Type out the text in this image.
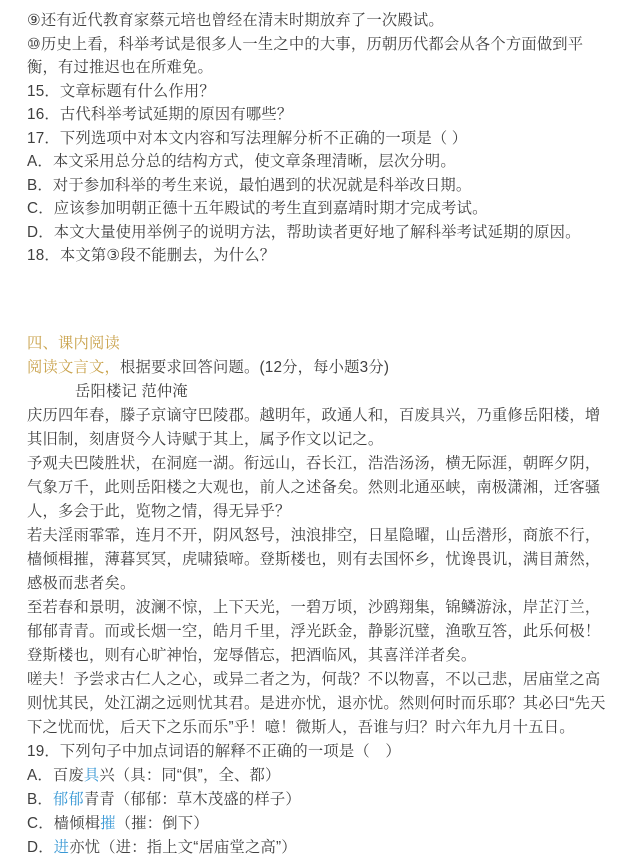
⑨还有近代教育家蔡元培也曾经在清末时期放弃了一次殿试。
⑩历史上看，科举考试是很多人一生之中的大事，历朝历代都会从各个方面做到平衡，有过推迟也在所难免。
15．文章标题有什么作用？
16．古代科举考试延期的原因有哪些？
17．下列选项中对本文内容和写法理解分析不正确的一项是（ ）
A．本文采用总分总的结构方式，使文章条理清晰，层次分明。
B．对于参加科举的考生来说，最怕遇到的状况就是科举改日期。
C．应该参加明朝正德十五年殿试的考生直到嘉靖时期才完成考试。
D．本文大量使用举例子的说明方法，帮助读者更好地了解科举考试延期的原因。
18．本文第③段不能删去，为什么？
四、课内阅读
阅读文言文，根据要求回答问题。(12分，每小题3分)
岳阳楼记 范仲淹

庆历四年春，滕子京谪守巴陵郡。越明年，政通人和，百废具兴，乃重修岳阳楼，增其旧制，刻唐贤今人诗赋于其上，属予作文以记之。

予观夫巴陵胜状，在洞庭一湖。衔远山，吞长江，浩浩汤汤，横无际涯，朝晖夕阴，气象万千，此则岳阳楼之大观也，前人之述备矣。然则北通巫峡，南极潇湘，迁客骚人，多会于此，览物之情，得无异乎？

若夫淫雨霏霏，连月不开，阴风怒号，浊浪排空，日星隐曜，山岳潜形，商旅不行，樯倾楫摧，薄暮冥冥，虎啸猿啼。登斯楼也，则有去国怀乡，忧谗畏讥，满目萧然，感极而悲者矣。

至若春和景明，波澜不惊，上下天光，一碧万顷，沙鸥翔集，锦鳞游泳，岸芷汀兰，郁郁青青。而或长烟一空，皓月千里，浮光跃金，静影沉璧，渔歌互答，此乐何极！登斯楼也，则有心旷神怡，宠辱偕忘，把酒临风，其喜洋洋者矣。

嗟夫！予尝求古仁人之心，或异二者之为，何哉？不以物喜，不以己悲，居庙堂之高则忧其民，处江湖之远则忧其君。是进亦忧，退亦忧。然则何时而乐耶？其必曰“先天下之忧而忧，后天下之乐而乐”乎！噫！微斯人，吾谁与归？时六年九月十五日。

19．下列句子中加点词语的解释不正确的一项是（　）
A．百废具兴（具：同“俱”，全、都）
B．郁郁青青（郁郁：草木茂盛的样子）
C．樯倾楫摧（摧：倒下）
D．进亦忧（进：指上文“居庙堂之高”）
